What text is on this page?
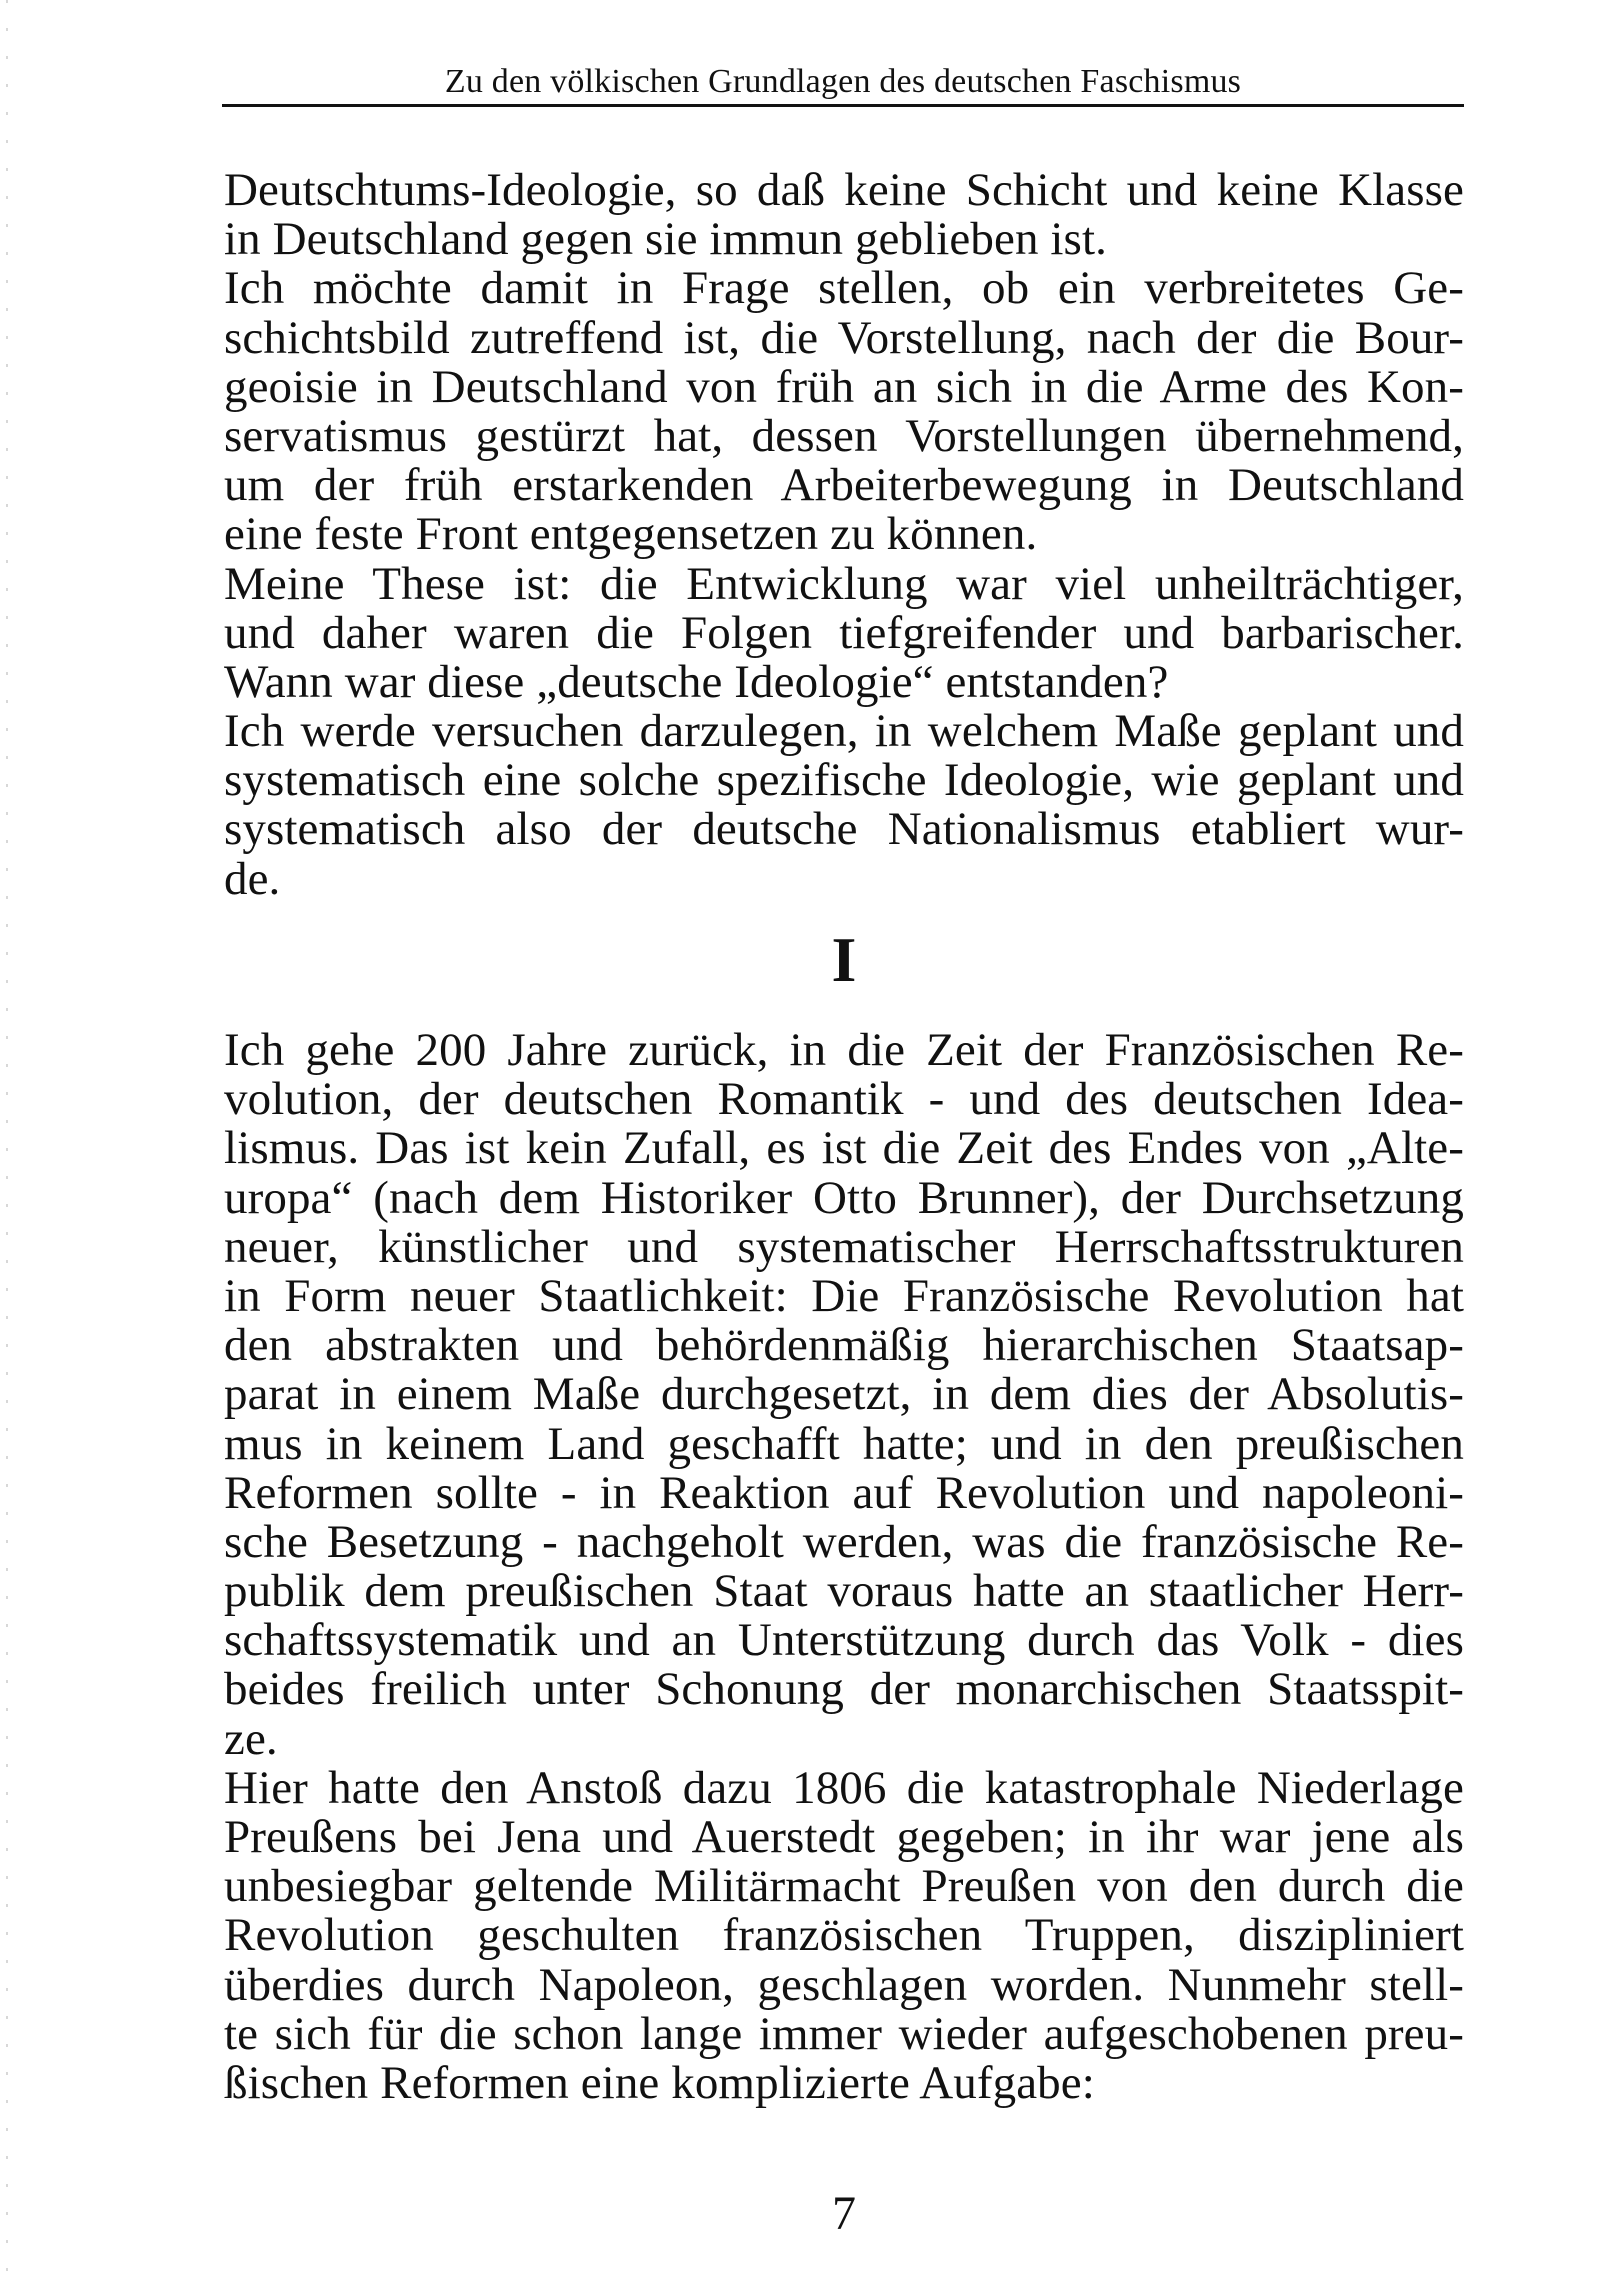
Zu den völkischen Grundlagen des deutschen Faschismus
Deutschtums-Ideologie, so daß keine Schicht und keine Klasse
in Deutschland gegen sie immun geblieben ist.
Ich möchte damit in Frage stellen, ob ein verbreitetes Ge-
schichtsbild zutreffend ist, die Vorstellung, nach der die Bour-
geoisie in Deutschland von früh an sich in die Arme des Kon-
servatismus gestürzt hat, dessen Vorstellungen übernehmend,
um der früh erstarkenden Arbeiterbewegung in Deutschland
eine feste Front entgegensetzen zu können.
Meine These ist: die Entwicklung war viel unheilträchtiger,
und daher waren die Folgen tiefgreifender und barbarischer.
Wann war diese „deutsche Ideologie“ entstanden?
Ich werde versuchen darzulegen, in welchem Maße geplant und
systematisch eine solche spezifische Ideologie, wie geplant und
systematisch also der deutsche Nationalismus etabliert wur-
de.
I
Ich gehe 200 Jahre zurück, in die Zeit der Französischen Re-
volution, der deutschen Romantik - und des deutschen Idea-
lismus. Das ist kein Zufall, es ist die Zeit des Endes von „Alte-
uropa“ (nach dem Historiker Otto Brunner), der Durchsetzung
neuer, künstlicher und systematischer Herrschaftsstrukturen
in Form neuer Staatlichkeit: Die Französische Revolution hat
den abstrakten und behördenmäßig hierarchischen Staatsap-
parat in einem Maße durchgesetzt, in dem dies der Absolutis-
mus in keinem Land geschafft hatte; und in den preußischen
Reformen sollte - in Reaktion auf Revolution und napoleoni-
sche Besetzung - nachgeholt werden, was die französische Re-
publik dem preußischen Staat voraus hatte an staatlicher Herr-
schaftssystematik und an Unterstützung durch das Volk - dies
beides freilich unter Schonung der monarchischen Staatsspit-
ze.
Hier hatte den Anstoß dazu 1806 die katastrophale Niederlage
Preußens bei Jena und Auerstedt gegeben; in ihr war jene als
unbesiegbar geltende Militärmacht Preußen von den durch die
Revolution geschulten französischen Truppen, diszipliniert
überdies durch Napoleon, geschlagen worden. Nunmehr stell-
te sich für die schon lange immer wieder aufgeschobenen preu-
ßischen Reformen eine komplizierte Aufgabe:
7
